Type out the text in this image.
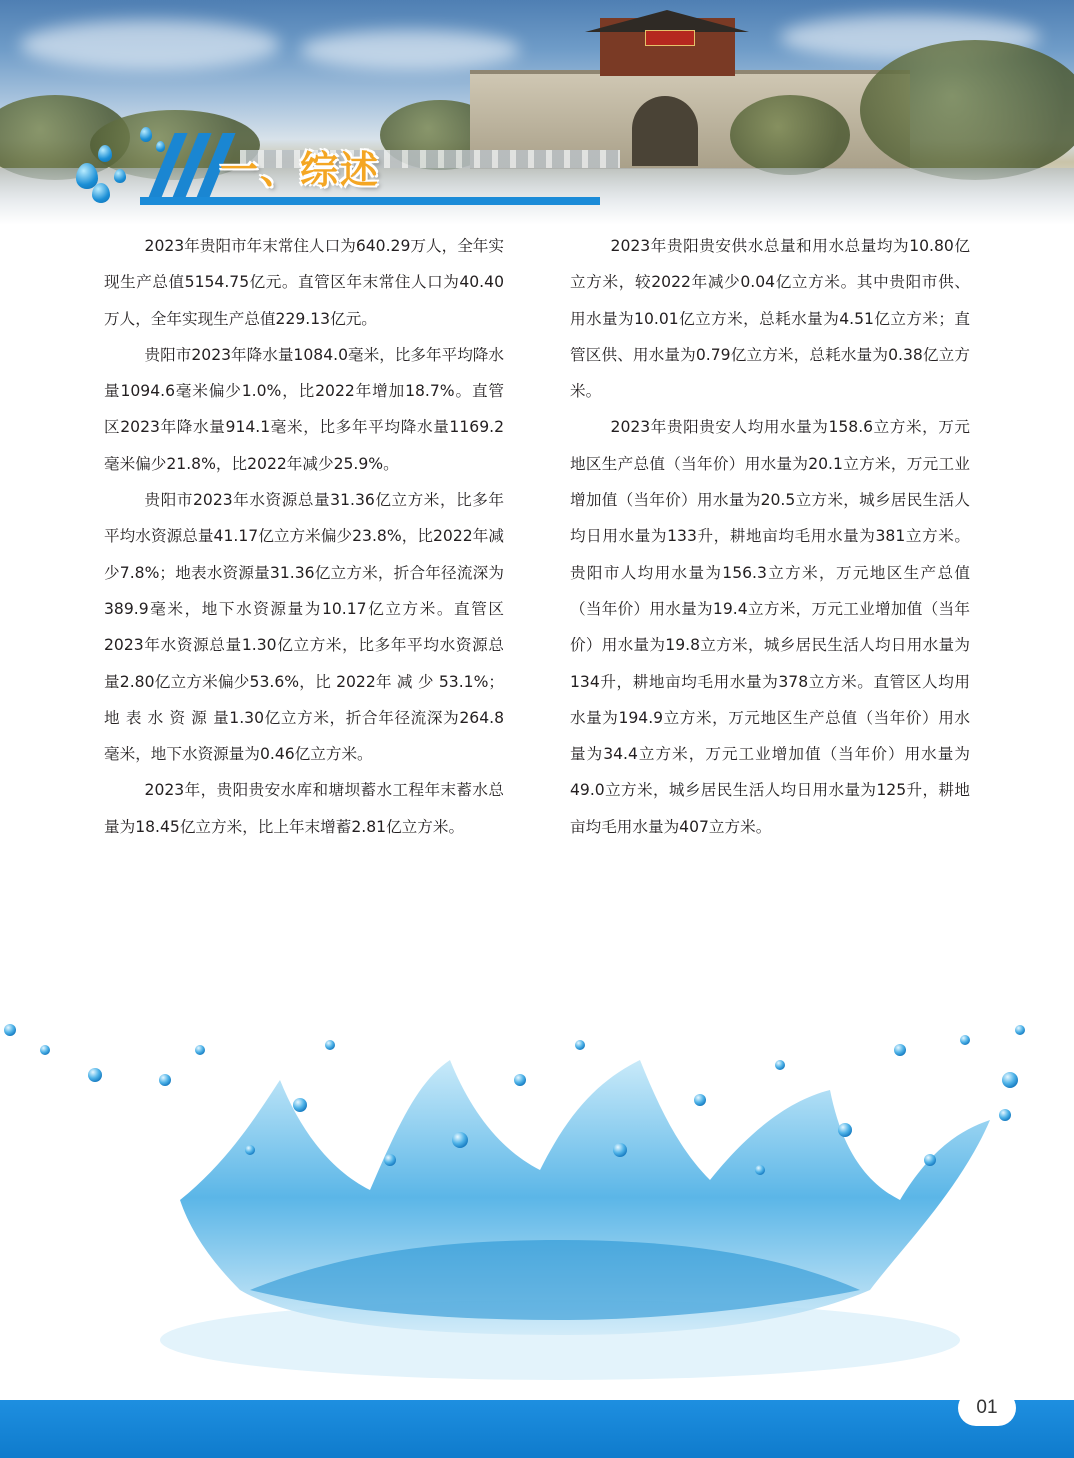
一、综述

2023年贵阳市年末常住人口为640.29万人，全年实现生产总值5154.75亿元。直管区年末常住人口为40.40万人，全年实现生产总值229.13亿元。

贵阳市2023年降水量1084.0毫米，比多年平均降水量1094.6毫米偏少1.0%，比2022年增加18.7%。直管区2023年降水量914.1毫米，比多年平均降水量1169.2毫米偏少21.8%，比2022年减少25.9%。

贵阳市2023年水资源总量31.36亿立方米，比多年平均水资源总量41.17亿立方米偏少23.8%，比2022年减少7.8%；地表水资源量31.36亿立方米，折合年径流深为389.9毫米，地下水资源量为10.17亿立方米。直管区2023年水资源总量1.30亿立方米，比多年平均水资源总量2.80亿立方米偏少53.6%，比 2022年 减 少 53.1%；地 表 水 资 源 量1.30亿立方米，折合年径流深为264.8毫米，地下水资源量为0.46亿立方米。

2023年，贵阳贵安水库和塘坝蓄水工程年末蓄水总量为18.45亿立方米，比上年末增蓄2.81亿立方米。

2023年贵阳贵安供水总量和用水总量均为10.80亿立方米，较2022年减少0.04亿立方米。其中贵阳市供、用水量为10.01亿立方米，总耗水量为4.51亿立方米；直管区供、用水量为0.79亿立方米，总耗水量为0.38亿立方米。

2023年贵阳贵安人均用水量为158.6立方米，万元地区生产总值（当年价）用水量为20.1立方米，万元工业增加值（当年价）用水量为20.5立方米，城乡居民生活人均日用水量为133升，耕地亩均毛用水量为381立方米。贵阳市人均用水量为156.3立方米，万元地区生产总值（当年价）用水量为19.4立方米，万元工业增加值（当年价）用水量为19.8立方米，城乡居民生活人均日用水量为134升，耕地亩均毛用水量为378立方米。直管区人均用水量为194.9立方米，万元地区生产总值（当年价）用水量为34.4立方米，万元工业增加值（当年价）用水量为49.0立方米，城乡居民生活人均日用水量为125升，耕地亩均毛用水量为407立方米。

01
